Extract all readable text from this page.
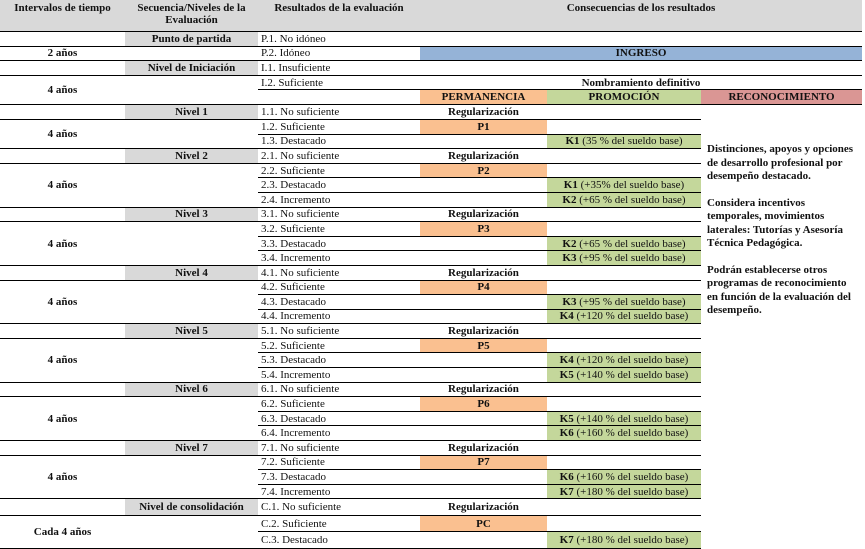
Intervalos de tiempo	Secuencia/Niveles de la Evaluación	Resultados de la evaluación	Consecuencias de los resultados		
	Punto de partida	P.1. No idóneo			
2 años		P.2. Idóneo	INGRESO		
	Nivel de Iniciación	I.1. Insuficiente			
4 años		I.2. Suficiente	Nombramiento definitivo		
			PERMANENCIA	PROMOCIÓN	RECONOCIMIENTO
	Nivel 1	1.1. No suficiente	Regularización		Distinciones, apoyos y opciones de desarrollo profesional por desempeño destacado.

Considera incentivos temporales, movimientos laterales: Tutorías y Asesoría Técnica Pedagógica.

Podrán establecerse otros programas de reconocimiento en función de la evaluación del desempeño.

4 años		1.2. Suficiente	P1		
		1.3. Destacado		K1 (35 % del sueldo base)	
	Nivel 2	2.1. No suficiente	Regularización		
4 años		2.2. Suficiente	P2		
		2.3. Destacado		K1 (+35% del sueldo base)	
		2.4. Incremento		K2 (+65 % del sueldo base)	
	Nivel 3	3.1. No suficiente	Regularización		
4 años		3.2. Suficiente	P3		
		3.3. Destacado		K2 (+65 % del sueldo base)	
		3.4. Incremento		K3 (+95 % del sueldo base)	
	Nivel 4	4.1. No suficiente	Regularización		
4 años		4.2. Suficiente	P4		
		4.3. Destacado		K3 (+95 % del sueldo base)	
		4.4. Incremento		K4 (+120 % del sueldo base)	
	Nivel 5	5.1. No suficiente	Regularización		
4 años		5.2. Suficiente	P5		
		5.3. Destacado		K4 (+120 % del sueldo base)	
		5.4. Incremento		K5 (+140 % del sueldo base)	
	Nivel 6	6.1. No suficiente	Regularización		
4 años		6.2. Suficiente	P6		
		6.3. Destacado		K5 (+140 % del sueldo base)	
		6.4. Incremento		K6 (+160 % del sueldo base)	
	Nivel 7	7.1. No suficiente	Regularización		
4 años		7.2. Suficiente	P7		
		7.3. Destacado		K6 (+160 % del sueldo base)	
		7.4. Incremento		K7 (+180 % del sueldo base)	
	Nivel de consolidación	C.1. No suficiente	Regularización		
Cada 4 años		C.2. Suficiente	PC		
		C.3. Destacado		K7 (+180 % del sueldo base)	
